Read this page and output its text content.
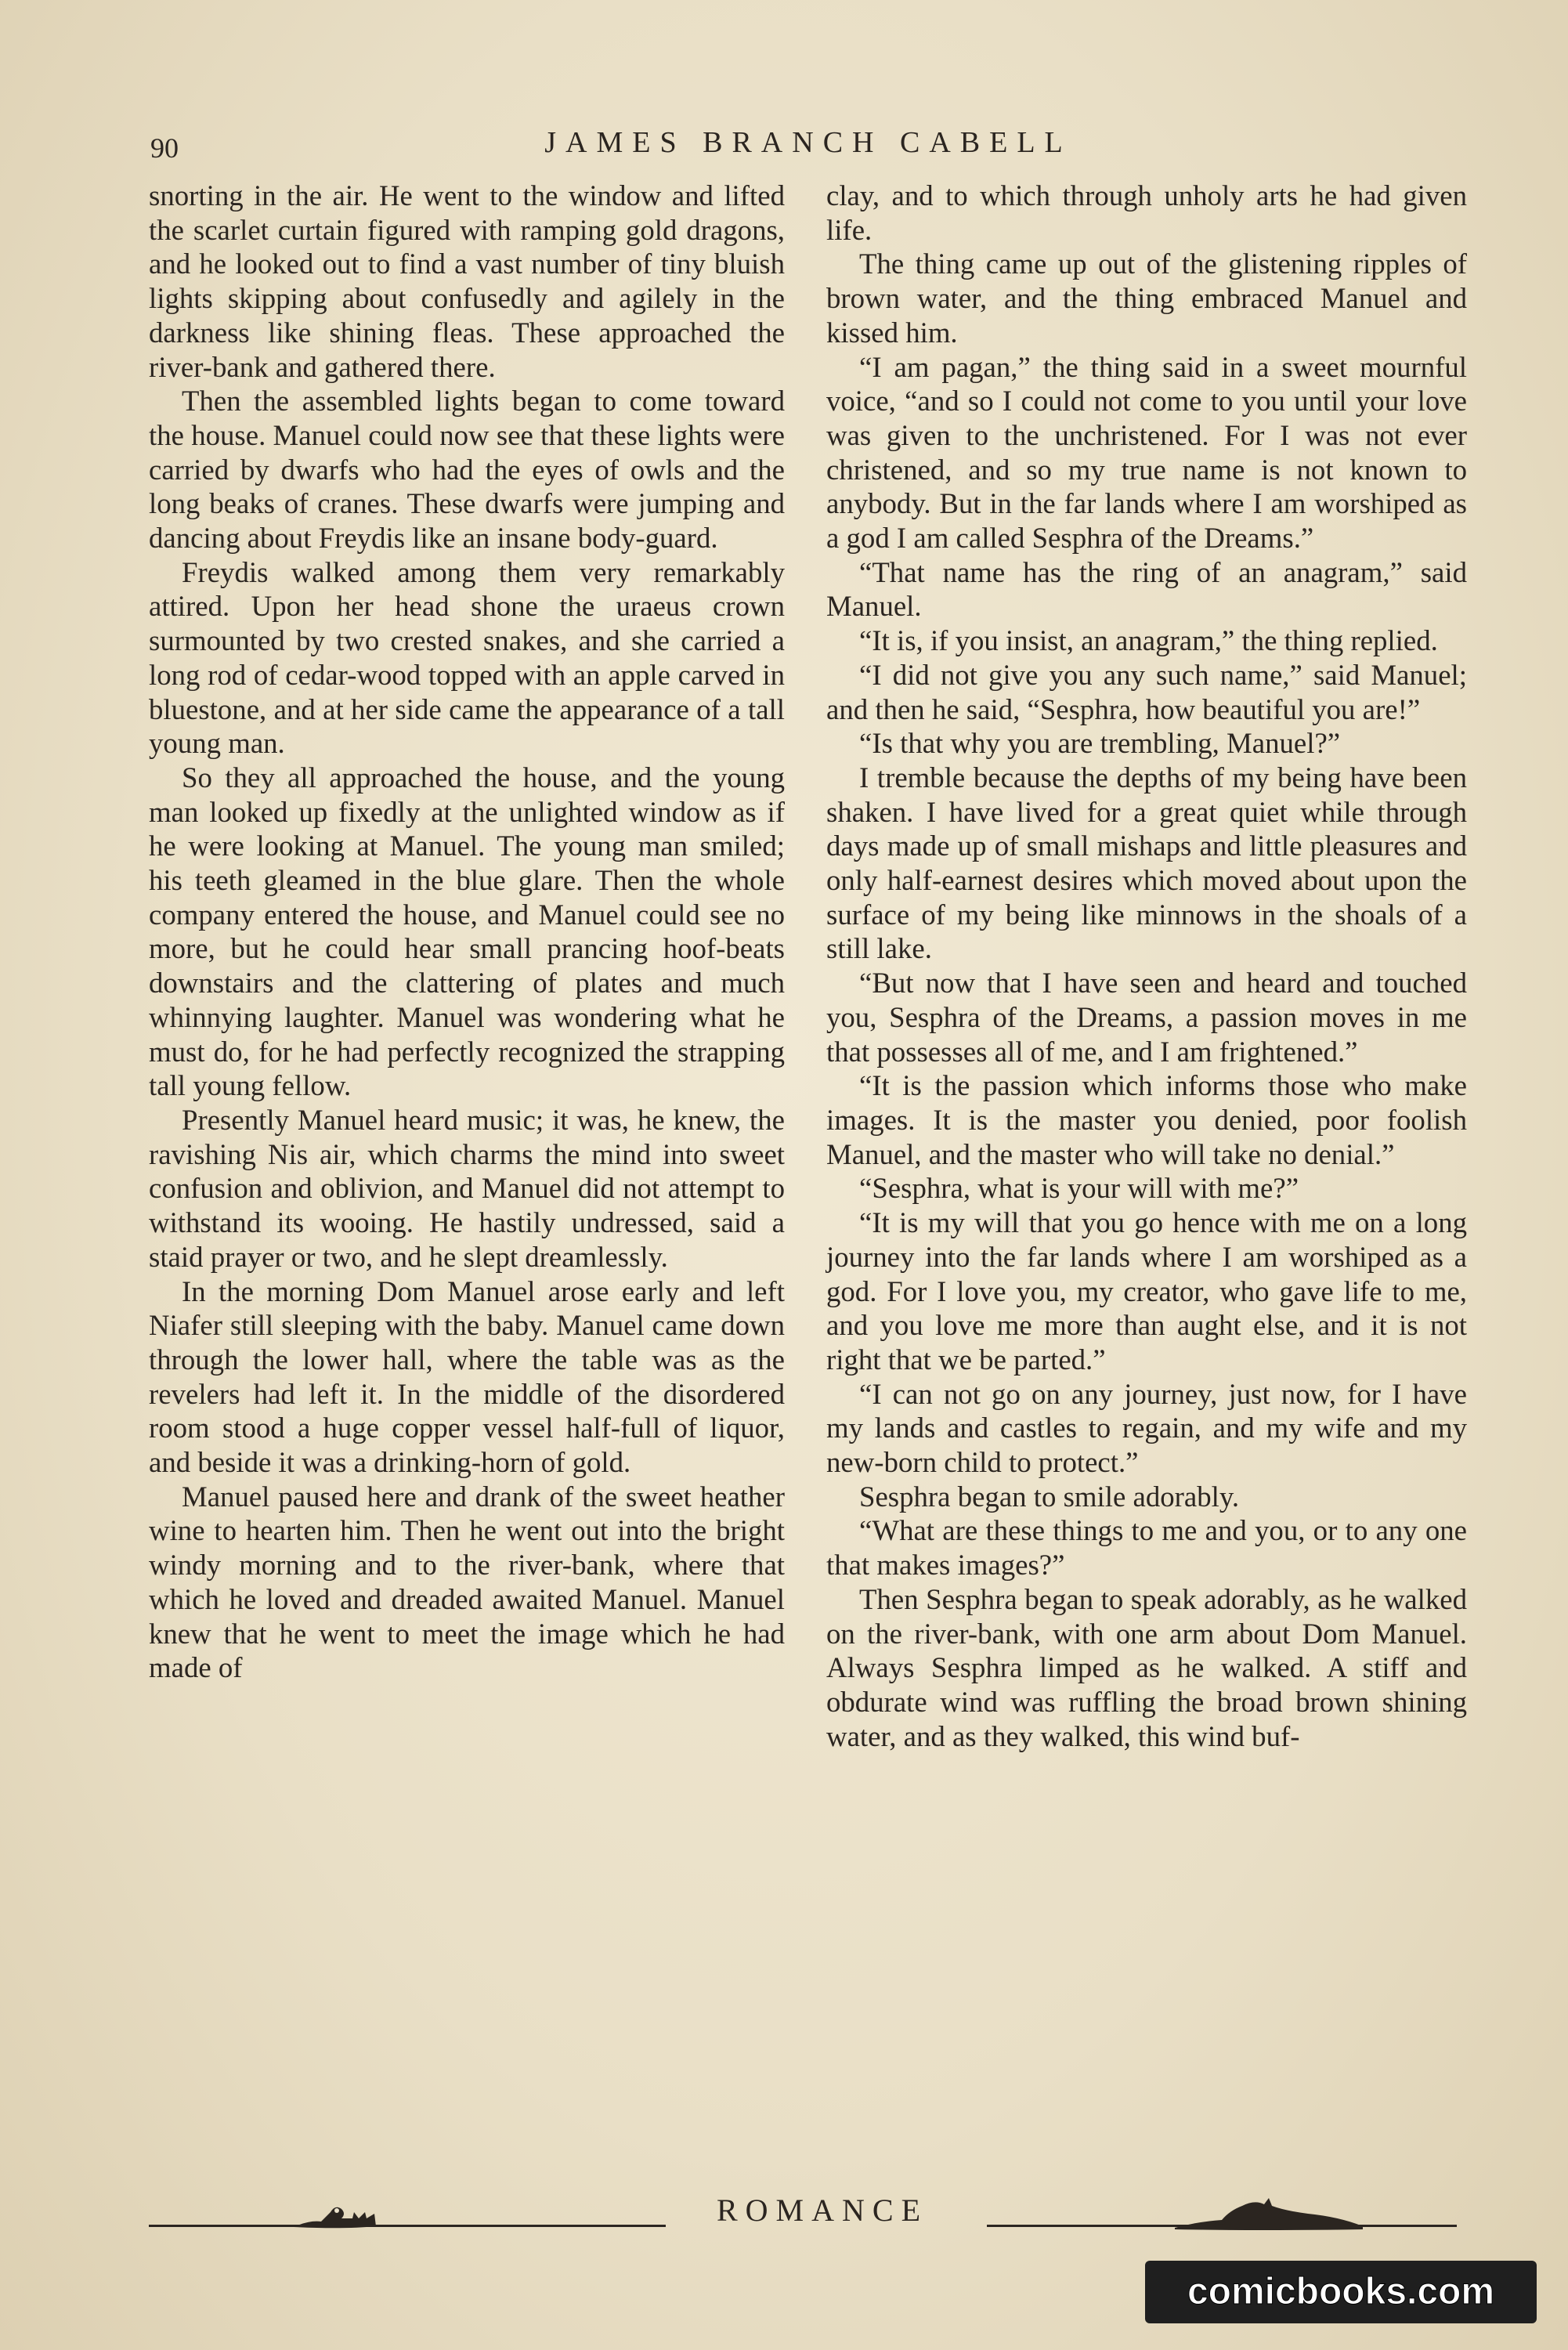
90	JAMES BRANCH CABELL

snorting in the air. He went to the window and lifted the scarlet curtain figured with ramping gold dragons, and he looked out to find a vast number of tiny bluish lights skipping about confusedly and agilely in the darkness like shining fleas. These approached the river-bank and gathered there.

Then the assembled lights began to come toward the house. Manuel could now see that these lights were carried by dwarfs who had the eyes of owls and the long beaks of cranes. These dwarfs were jumping and dancing about Freydis like an insane body-guard.

Freydis walked among them very remarkably attired. Upon her head shone the uraeus crown surmounted by two crested snakes, and she carried a long rod of cedar-wood topped with an apple carved in bluestone, and at her side came the appearance of a tall young man.

So they all approached the house, and the young man looked up fixedly at the unlighted window as if he were looking at Manuel. The young man smiled; his teeth gleamed in the blue glare. Then the whole company entered the house, and Manuel could see no more, but he could hear small prancing hoof-beats downstairs and the clattering of plates and much whinnying laughter. Manuel was wondering what he must do, for he had perfectly recognized the strapping tall young fellow.

Presently Manuel heard music; it was, he knew, the ravishing Nis air, which charms the mind into sweet confusion and oblivion, and Manuel did not attempt to withstand its wooing. He hastily undressed, said a staid prayer or two, and he slept dreamlessly.

In the morning Dom Manuel arose early and left Niafer still sleeping with the baby. Manuel came down through the lower hall, where the table was as the revelers had left it. In the middle of the disordered room stood a huge copper vessel half-full of liquor, and beside it was a drinking-horn of gold.

Manuel paused here and drank of the sweet heather wine to hearten him. Then he went out into the bright windy morning and to the river-bank, where that which he loved and dreaded awaited Manuel. Manuel knew that he went to meet the image which he had made of

clay, and to which through unholy arts he had given life.

The thing came up out of the glistening ripples of brown water, and the thing embraced Manuel and kissed him.

“I am pagan,” the thing said in a sweet mournful voice, “and so I could not come to you until your love was given to the unchristened. For I was not ever christened, and so my true name is not known to anybody. But in the far lands where I am worshiped as a god I am called Sesphra of the Dreams.”

“That name has the ring of an anagram,” said Manuel.

“It is, if you insist, an anagram,” the thing replied.

“I did not give you any such name,” said Manuel; and then he said, “Sesphra, how beautiful you are!”

“Is that why you are trembling, Manuel?”

I tremble because the depths of my being have been shaken. I have lived for a great quiet while through days made up of small mishaps and little pleasures and only half-earnest desires which moved about upon the surface of my being like minnows in the shoals of a still lake.

“But now that I have seen and heard and touched you, Sesphra of the Dreams, a passion moves in me that possesses all of me, and I am frightened.”

“It is the passion which informs those who make images. It is the master you denied, poor foolish Manuel, and the master who will take no denial.”

“Sesphra, what is your will with me?”

“It is my will that you go hence with me on a long journey into the far lands where I am worshiped as a god. For I love you, my creator, who gave life to me, and you love me more than aught else, and it is not right that we be parted.”

“I can not go on any journey, just now, for I have my lands and castles to regain, and my wife and my new-born child to protect.”

Sesphra began to smile adorably.

“What are these things to me and you, or to any one that makes images?”

Then Sesphra began to speak adorably, as he walked on the river-bank, with one arm about Dom Manuel. Always Sesphra limped as he walked. A stiff and obdurate wind was ruffling the broad brown shining water, and as they walked, this wind buf-

ROMANCE
comicbooks.com
